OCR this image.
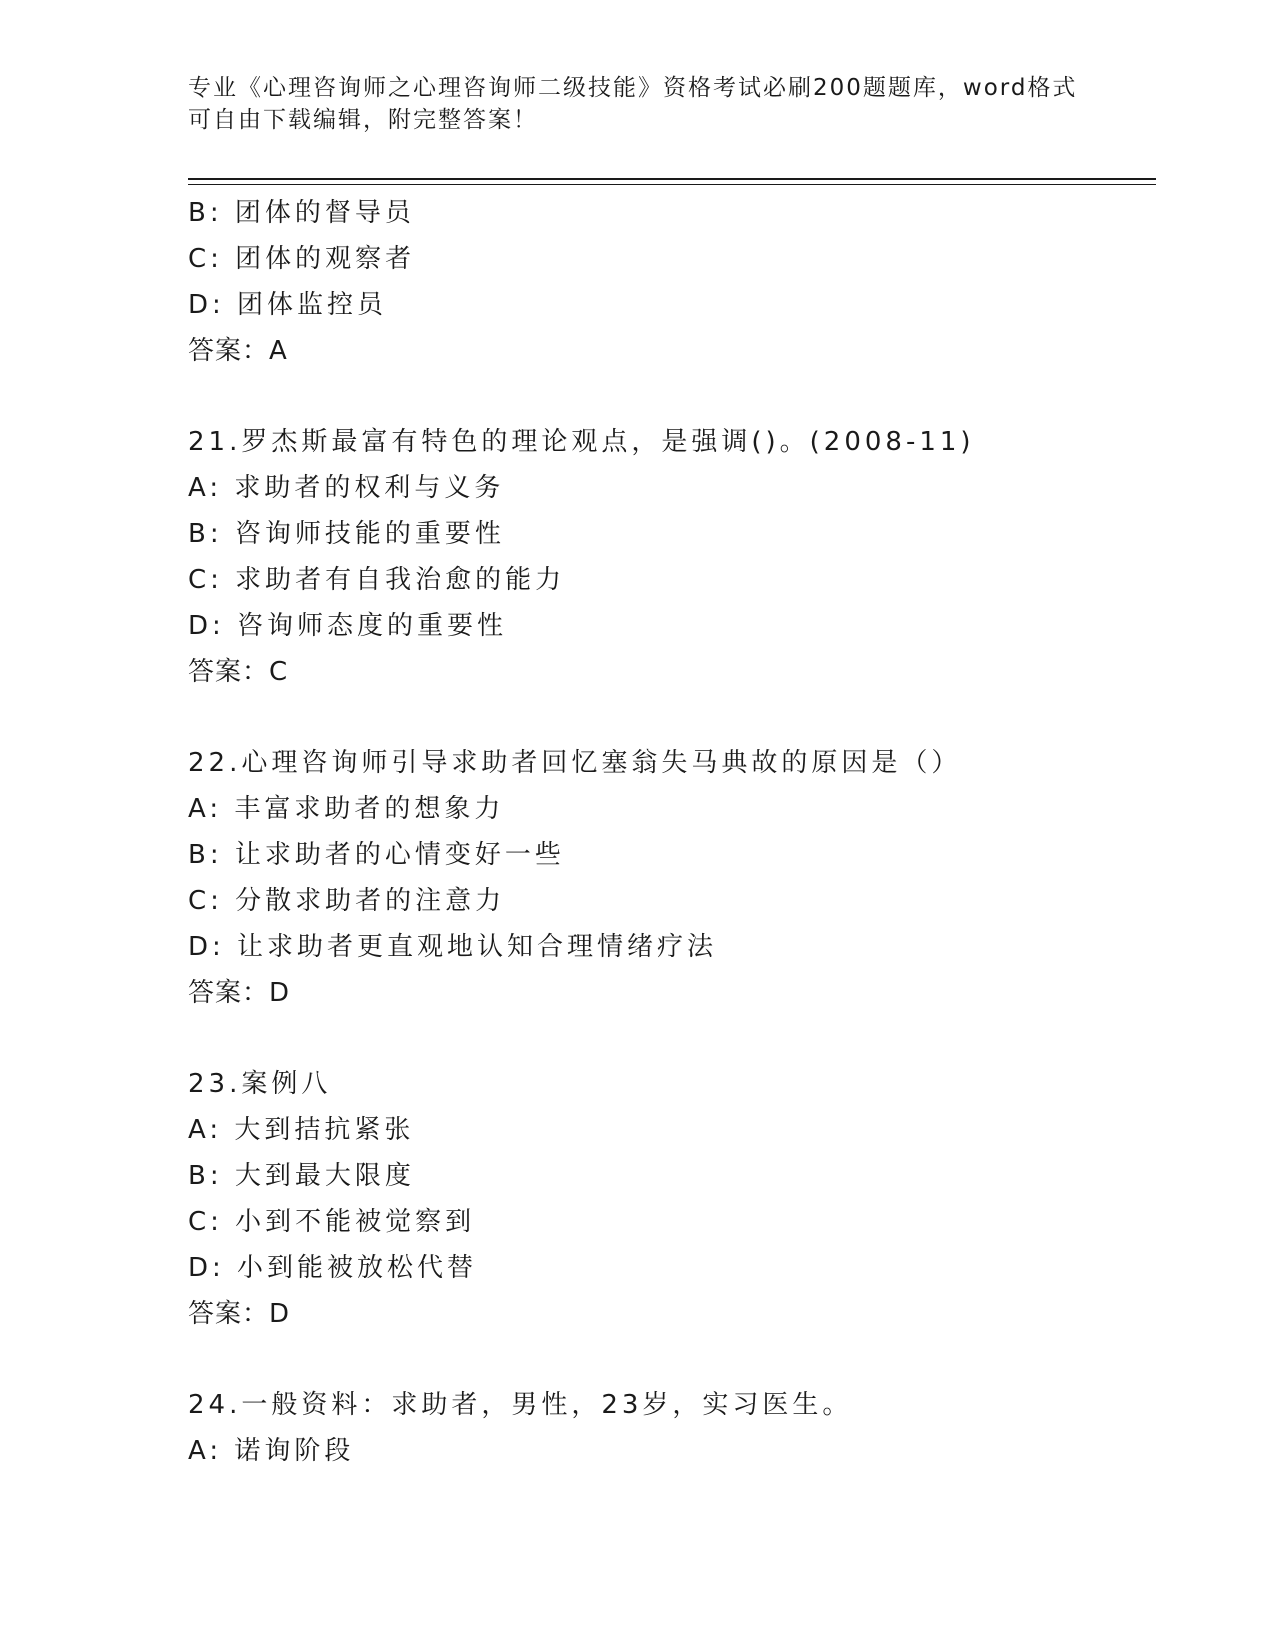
专业《心理咨询师之心理咨询师二级技能》资格考试必刷200题题库，word格式
可自由下载编辑，附完整答案！
B: 团体的督导员
C: 团体的观察者
D: 团体监控员
答案：A
21.罗杰斯最富有特色的理论观点，是强调()。(2008-11)
A: 求助者的权利与义务
B: 咨询师技能的重要性
C: 求助者有自我治愈的能力
D: 咨询师态度的重要性
答案：C
22.心理咨询师引导求助者回忆塞翁失马典故的原因是（）
A: 丰富求助者的想象力
B: 让求助者的心情变好一些
C: 分散求助者的注意力
D: 让求助者更直观地认知合理情绪疗法
答案：D
23.案例八
A: 大到拮抗紧张
B: 大到最大限度
C: 小到不能被觉察到
D: 小到能被放松代替
答案：D
24.一般资料：求助者，男性，23岁，实习医生。
A: 诺询阶段
